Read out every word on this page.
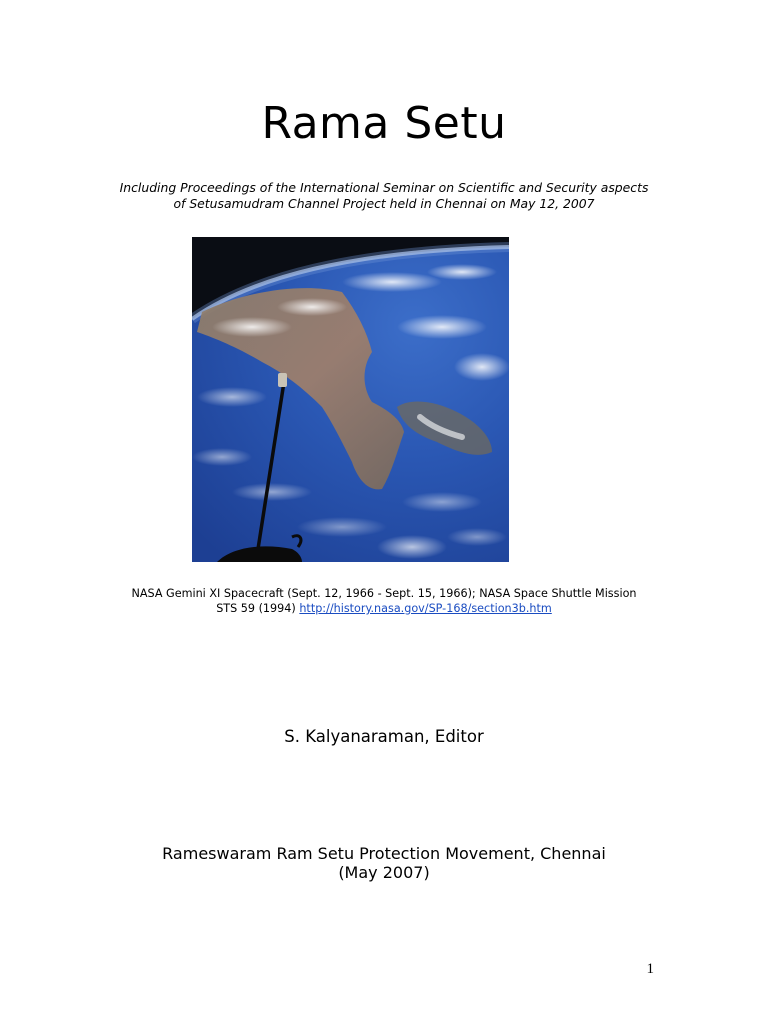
Rama Setu
Including Proceedings of the International Seminar on Scientific and Security aspects
of Setusamudram Channel Project held in Chennai on May 12, 2007
NASA Gemini XI Spacecraft (Sept. 12, 1966 - Sept. 15, 1966); NASA Space Shuttle Mission
STS 59 (1994) http://history.nasa.gov/SP-168/section3b.htm
S. Kalyanaraman, Editor
Rameswaram Ram Setu Protection Movement, Chennai
(May 2007)
1
